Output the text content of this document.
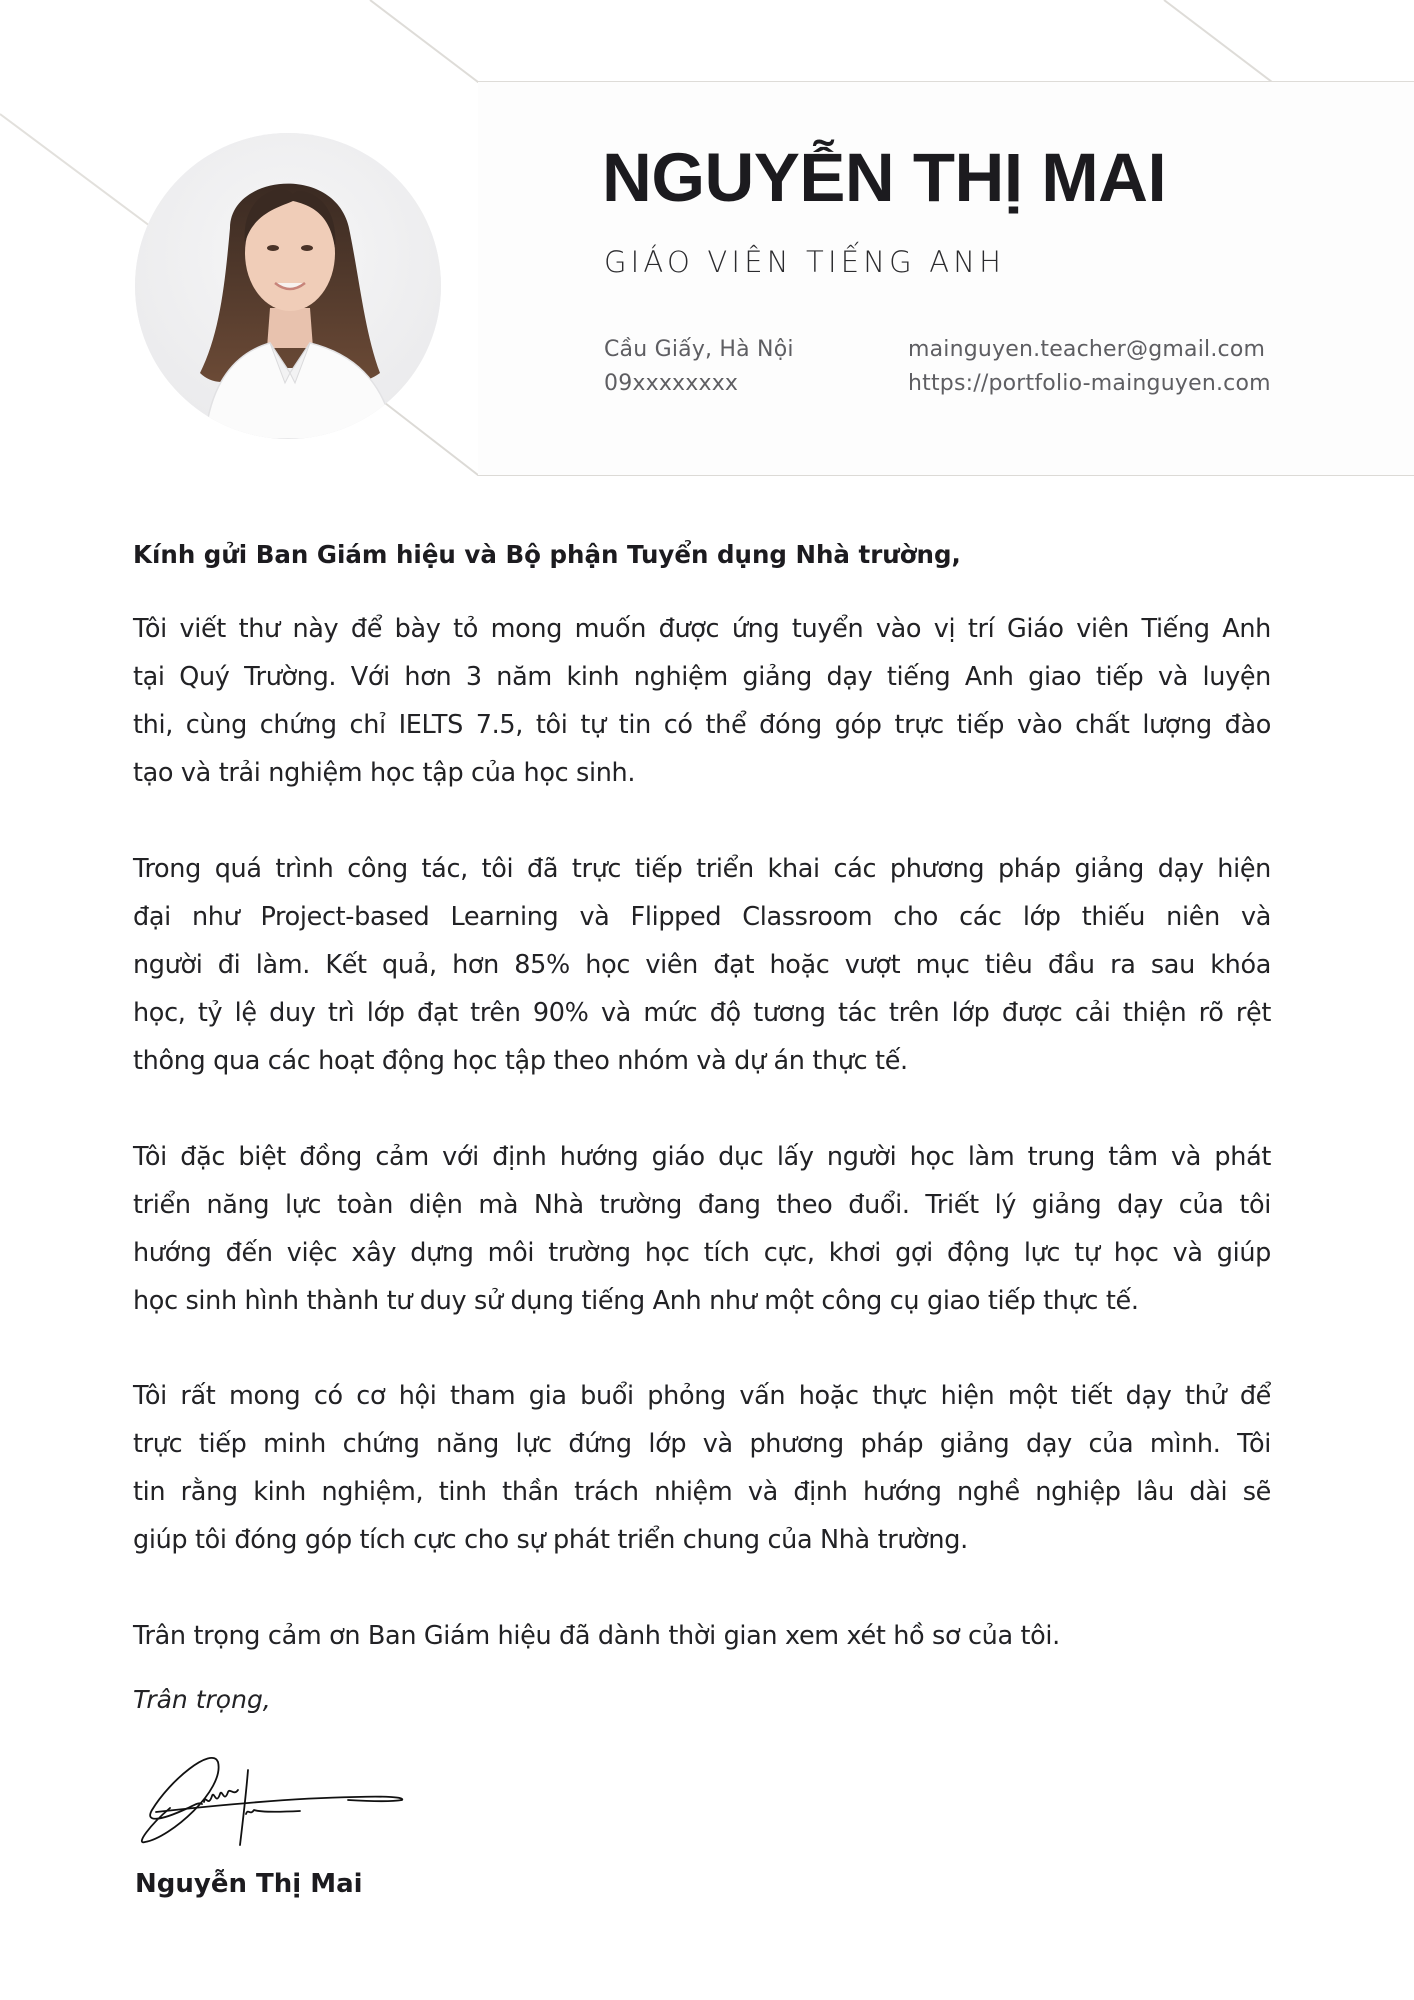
NGUYỄN THỊ MAI
GIÁO VIÊN TIẾNG ANH
Cầu Giấy, Hà Nội
09xxxxxxxx
mainguyen.teacher@gmail.com
https://portfolio-mainguyen.com

Kính gửi Ban Giám hiệu và Bộ phận Tuyển dụng Nhà trường,

Tôi viết thư này để bày tỏ mong muốn được ứng tuyển vào vị trí Giáo viên Tiếng Anh
tại Quý Trường. Với hơn 3 năm kinh nghiệm giảng dạy tiếng Anh giao tiếp và luyện
thi, cùng chứng chỉ IELTS 7.5, tôi tự tin có thể đóng góp trực tiếp vào chất lượng đào
tạo và trải nghiệm học tập của học sinh.

Trong quá trình công tác, tôi đã trực tiếp triển khai các phương pháp giảng dạy hiện
đại như Project-based Learning và Flipped Classroom cho các lớp thiếu niên và
người đi làm. Kết quả, hơn 85% học viên đạt hoặc vượt mục tiêu đầu ra sau khóa
học, tỷ lệ duy trì lớp đạt trên 90% và mức độ tương tác trên lớp được cải thiện rõ rệt
thông qua các hoạt động học tập theo nhóm và dự án thực tế.

Tôi đặc biệt đồng cảm với định hướng giáo dục lấy người học làm trung tâm và phát
triển năng lực toàn diện mà Nhà trường đang theo đuổi. Triết lý giảng dạy của tôi
hướng đến việc xây dựng môi trường học tích cực, khơi gợi động lực tự học và giúp
học sinh hình thành tư duy sử dụng tiếng Anh như một công cụ giao tiếp thực tế.

Tôi rất mong có cơ hội tham gia buổi phỏng vấn hoặc thực hiện một tiết dạy thử để
trực tiếp minh chứng năng lực đứng lớp và phương pháp giảng dạy của mình. Tôi
tin rằng kinh nghiệm, tinh thần trách nhiệm và định hướng nghề nghiệp lâu dài sẽ
giúp tôi đóng góp tích cực cho sự phát triển chung của Nhà trường.

Trân trọng cảm ơn Ban Giám hiệu đã dành thời gian xem xét hồ sơ của tôi.

Trân trọng,

Nguyễn Thị Mai
